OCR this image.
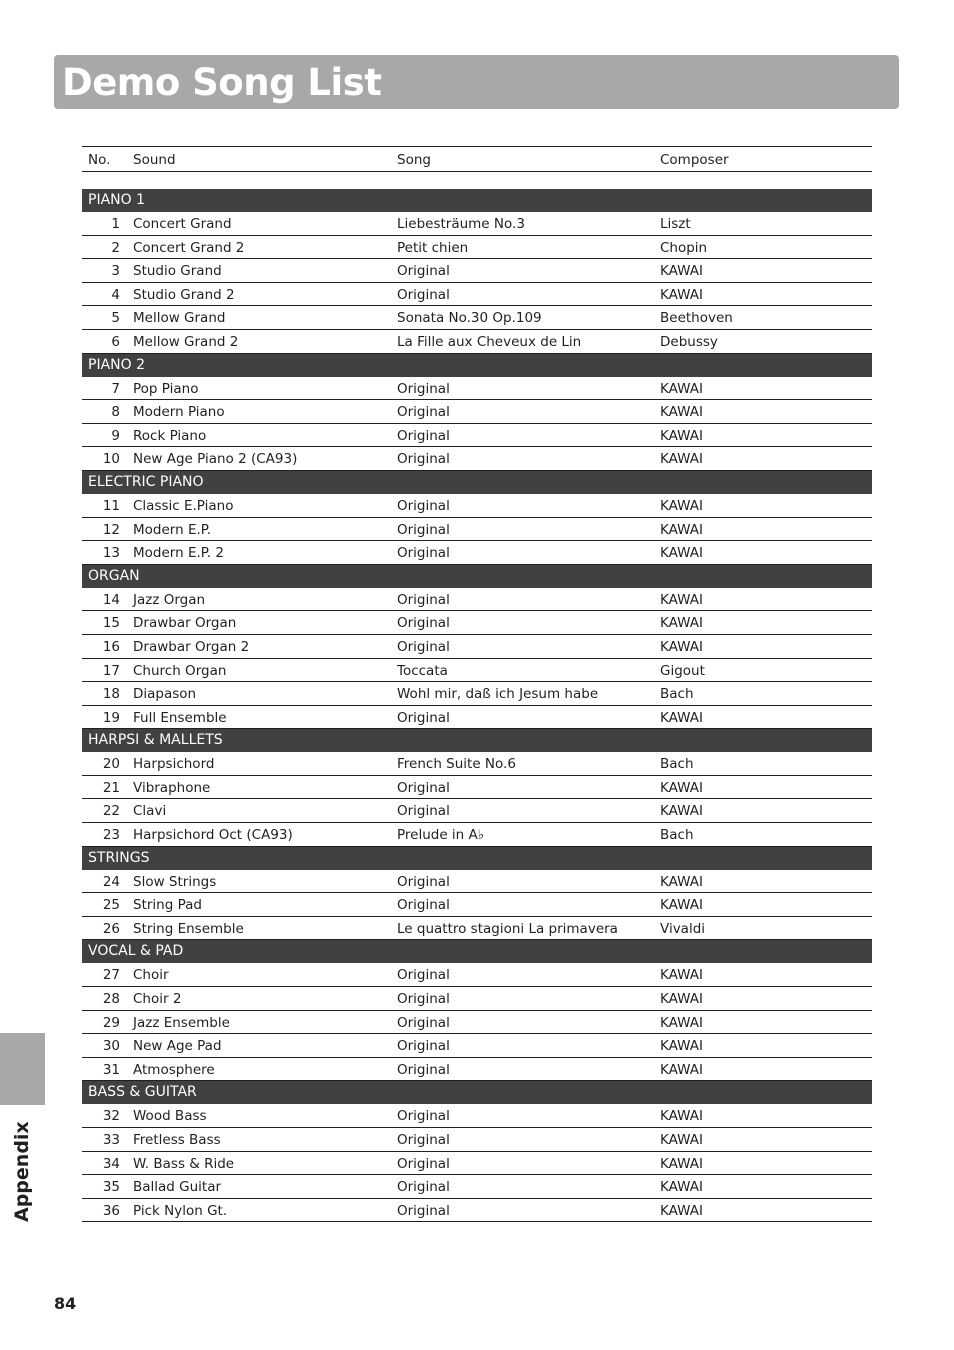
Demo Song List
No. Sound	Song	Composer
PIANO 1
1 Concert Grand	Liebesträume No.3	Liszt
2 Concert Grand 2	Petit chien	Chopin
3 Studio Grand	Original	KAWAI
4 Studio Grand 2	Original	KAWAI
5 Mellow Grand	Sonata No.30 Op.109	Beethoven
6 Mellow Grand 2	La Fille aux Cheveux de Lin	Debussy
PIANO 2
7 Pop Piano	Original	KAWAI
8 Modern Piano	Original	KAWAI
9 Rock Piano	Original	KAWAI
10 New Age Piano 2 (CA93)	Original	KAWAI
ELECTRIC PIANO
11 Classic E.Piano	Original	KAWAI
12 Modern E.P.	Original	KAWAI
13 Modern E.P. 2	Original	KAWAI
ORGAN
14 Jazz Organ	Original	KAWAI
15 Drawbar Organ	Original	KAWAI
16 Drawbar Organ 2	Original	KAWAI
17 Church Organ	Toccata	Gigout
18 Diapason	Wohl mir, daß ich Jesum habe	Bach
19 Full Ensemble	Original	KAWAI
HARPSI & MALLETS
20 Harpsichord	French Suite No.6	Bach
21 Vibraphone	Original	KAWAI
22 Clavi	Original	KAWAI
23 Harpsichord Oct (CA93)	Prelude in A♭	Bach
STRINGS
24 Slow Strings	Original	KAWAI
25 String Pad	Original	KAWAI
26 String Ensemble	Le quattro stagioni La primavera	Vivaldi
VOCAL & PAD
27 Choir	Original	KAWAI
28 Choir 2	Original	KAWAI
29 Jazz Ensemble	Original	KAWAI
30 New Age Pad	Original	KAWAI
31 Atmosphere	Original	KAWAI
BASS & GUITAR
32 Wood Bass	Original	KAWAI
33 Fretless Bass	Original	KAWAI
34 W. Bass & Ride	Original	KAWAI
35 Ballad Guitar	Original	KAWAI
36 Pick Nylon Gt.	Original	KAWAI
Appendix
84
